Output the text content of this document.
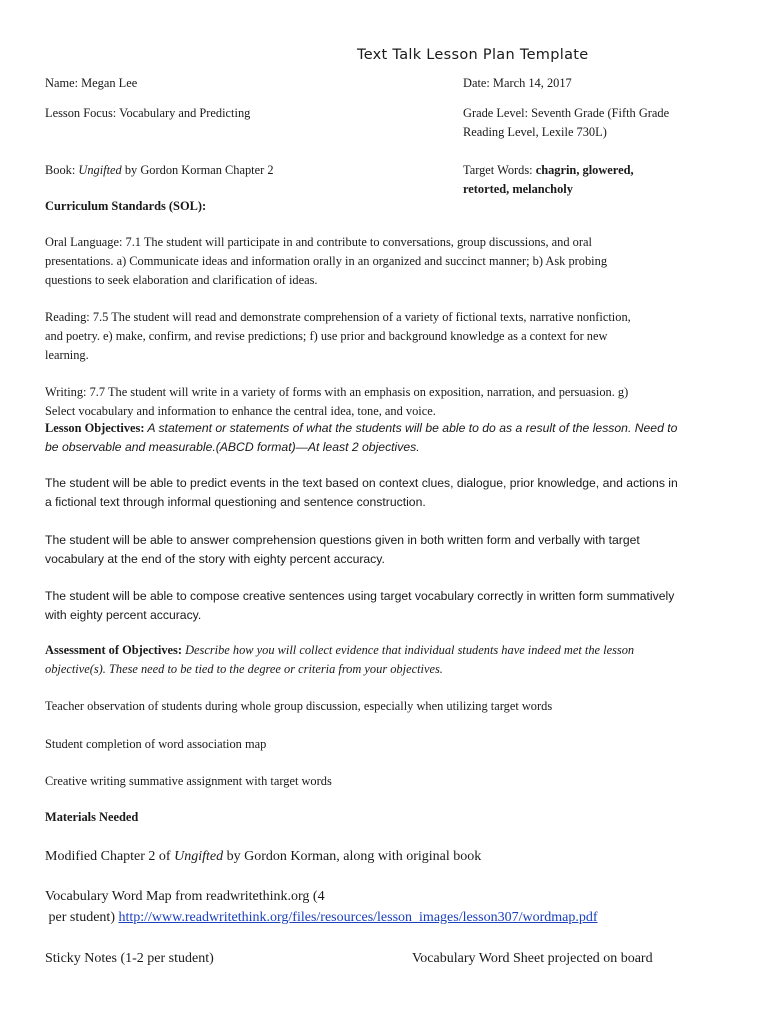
Text Talk Lesson Plan Template
Name: Megan Lee	Date: March 14, 2017
Lesson Focus: Vocabulary and Predicting	Grade Level: Seventh Grade (Fifth Grade
Reading Level, Lexile 730L)
Book: Ungifted by Gordon Korman Chapter 2	Target Words: chagrin, glowered,
retorted, melancholy
Curriculum Standards (SOL):
Oral Language: 7.1 The student will participate in and contribute to conversations, group discussions, and oral
presentations. a) Communicate ideas and information orally in an organized and succinct manner; b) Ask probing
questions to seek elaboration and clarification of ideas.
Reading: 7.5 The student will read and demonstrate comprehension of a variety of fictional texts, narrative nonfiction,
and poetry. e) make, confirm, and revise predictions; f) use prior and background knowledge as a context for new
learning.
Writing: 7.7 The student will write in a variety of forms with an emphasis on exposition, narration, and persuasion. g)
Select vocabulary and information to enhance the central idea, tone, and voice.
Lesson Objectives: A statement or statements of what the students will be able to do as a result of the lesson. Need to
be observable and measurable.(ABCD format)—At least 2 objectives.
The student will be able to predict events in the text based on context clues, dialogue, prior knowledge, and actions in
a fictional text through informal questioning and sentence construction.
The student will be able to answer comprehension questions given in both written form and verbally with target
vocabulary at the end of the story with eighty percent accuracy.
The student will be able to compose creative sentences using target vocabulary correctly in written form summatively
with eighty percent accuracy.
Assessment of Objectives: Describe how you will collect evidence that individual students have indeed met the lesson
objective(s). These need to be tied to the degree or criteria from your objectives.
Teacher observation of students during whole group discussion, especially when utilizing target words
Student completion of word association map
Creative writing summative assignment with target words
Materials Needed
Modified Chapter 2 of Ungifted by Gordon Korman, along with original book
Vocabulary Word Map from readwritethink.org (4
per student) http://www.readwritethink.org/files/resources/lesson_images/lesson307/wordmap.pdf
Sticky Notes (1-2 per student)	Vocabulary Word Sheet projected on board
